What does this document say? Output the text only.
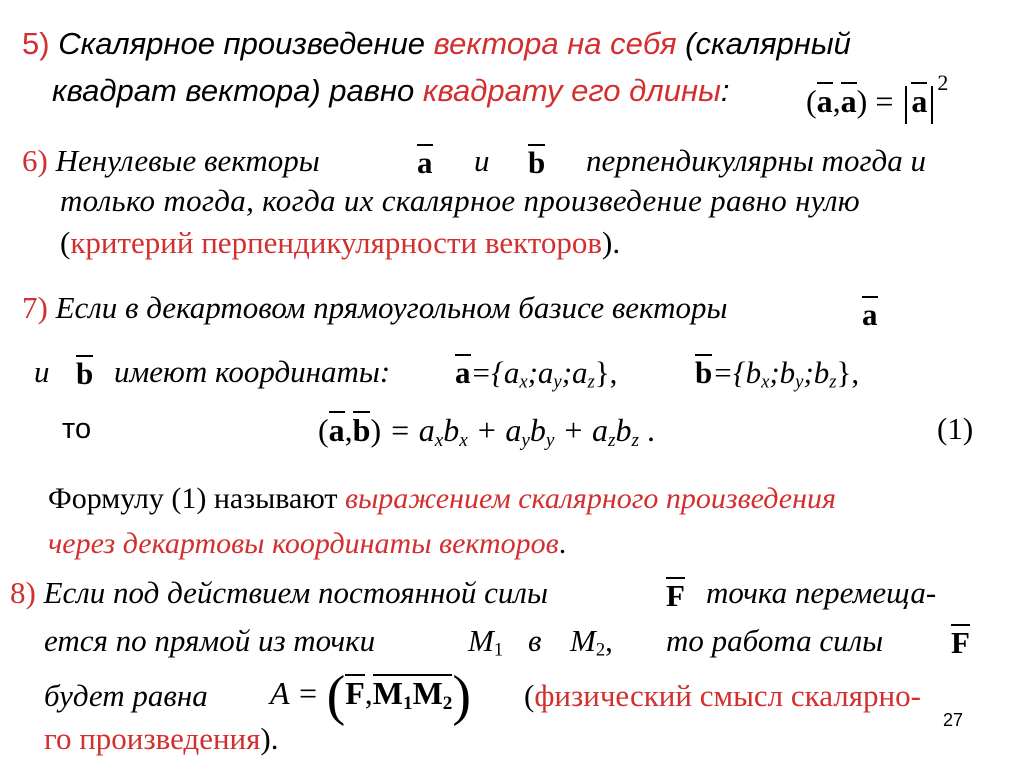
5) Скалярное произведение вектора на себя (скалярный
квадрат вектора) равно квадрату его длины: $(a,a) = a^2$
6) Ненулевые векторы	a и b перпендикулярны тогда и
только тогда, когда их скалярное произведение равно нулю
(критерий перпендикулярности векторов).
7) Если в декартовом прямоугольном базисе векторы	a
и b имеют координаты: $a=\{a_x;a_y;a_z\}$,	$b=\{b_x;b_y;b_z\}$,
то	$(a,b) = a_xb_x + a_yb_y + a_zb_z$ .	(1)
Формулу (1) называют выражением скалярного произведения
через декартовы координаты векторов.
8) Если под действием постоянной силы	F точка перемеща-
ется по прямой из точки	$M_1$ в $M_2$, то работа силы F
будет равна $A = (F,M_1M_2)$ (физический смысл скалярно-
го произведения).
27
